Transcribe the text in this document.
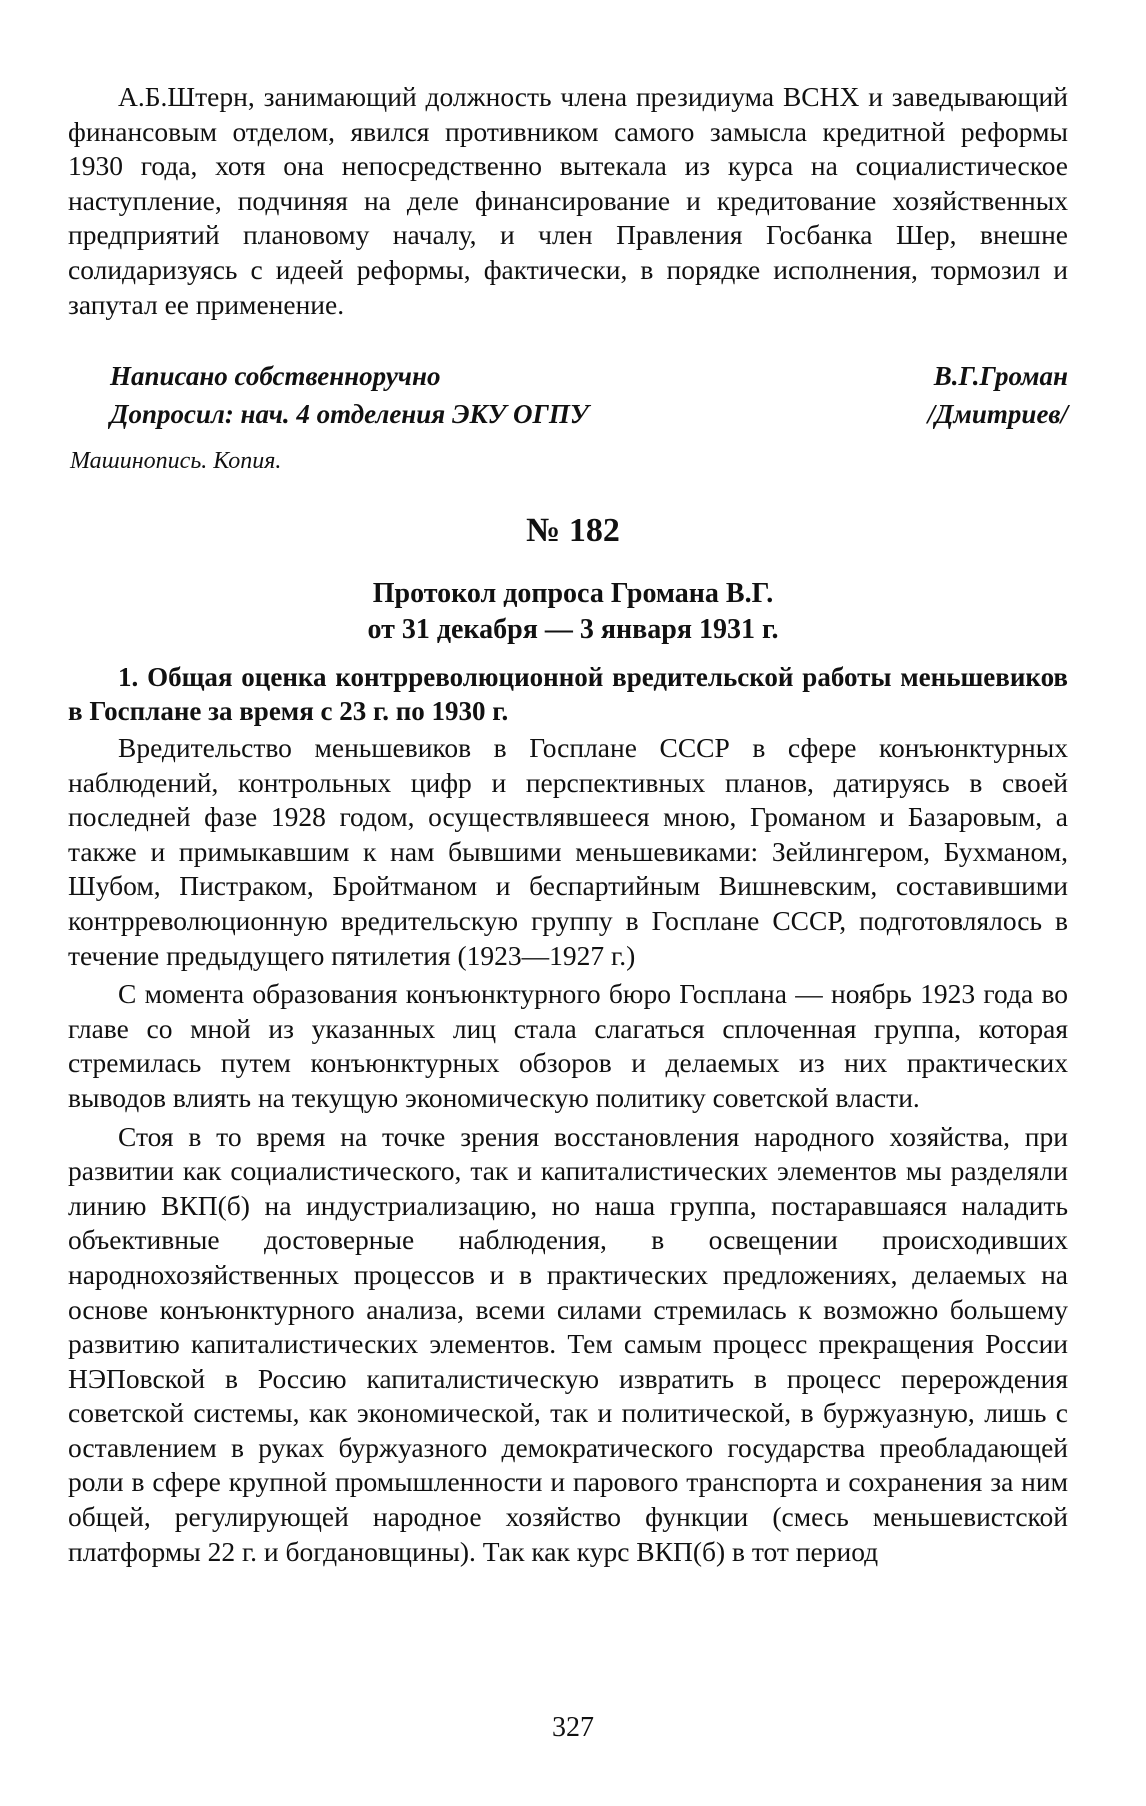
А.Б.Штерн, занимающий должность члена президиума ВСНХ и заведывающий финансовым отделом, явился противником самого замысла кредитной реформы 1930 года, хотя она непосредственно вытекала из курса на социалистическое наступление, подчиняя на деле финансирование и кредитование хозяйственных предприятий плановому началу, и член Правления Госбанка Шер, внешне солидаризуясь с идеей реформы, фактически, в порядке исполнения, тормозил и запутал ее применение.

Написано собственноручно	В.Г.Громан
Допросил: нач. 4 отделения ЭКУ ОГПУ	/Дмитриев/
Машинопись. Копия.
№ 182
Протокол допроса Громана В.Г.
от 31 декабря — 3 января 1931 г.

1. Общая оценка контрреволюционной вредительской работы меньшевиков в Госплане за время с 23 г. по 1930 г.

Вредительство меньшевиков в Госплане СССР в сфере конъюнктурных наблюдений, контрольных цифр и перспективных планов, датируясь в своей последней фазе 1928 годом, осуществлявшееся мною, Громаном и Базаровым, а также и примыкавшим к нам бывшими меньшевиками: Зейлингером, Бухманом, Шубом, Пистраком, Бройтманом и беспартийным Вишневским, составившими контрреволюционную вредительскую группу в Госплане СССР, подготовлялось в течение предыдущего пятилетия (1923—1927 г.)

С момента образования конъюнктурного бюро Госплана — ноябрь 1923 года во главе со мной из указанных лиц стала слагаться сплоченная группа, которая стремилась путем конъюнктурных обзоров и делаемых из них практических выводов влиять на текущую экономическую политику советской власти.

Стоя в то время на точке зрения восстановления народного хозяйства, при развитии как социалистического, так и капиталистических элементов мы разделяли линию ВКП(б) на индустриализацию, но наша группа, постаравшаяся наладить объективные достоверные наблюдения, в освещении происходивших народнохозяйственных процессов и в практических предложениях, делаемых на основе конъюнктурного анализа, всеми силами стремилась к возможно большему развитию капиталистических элементов. Тем самым процесс прекращения России НЭПовской в Россию капиталистическую извратить в процесс перерождения советской системы, как экономической, так и политической, в буржуазную, лишь с оставлением в руках буржуазного демократического государства преобладающей роли в сфере крупной промышленности и парового транспорта и сохранения за ним общей, регулирующей народное хозяйство функции (смесь меньшевистской платформы 22 г. и богдановщины). Так как курс ВКП(б) в тот период

327
